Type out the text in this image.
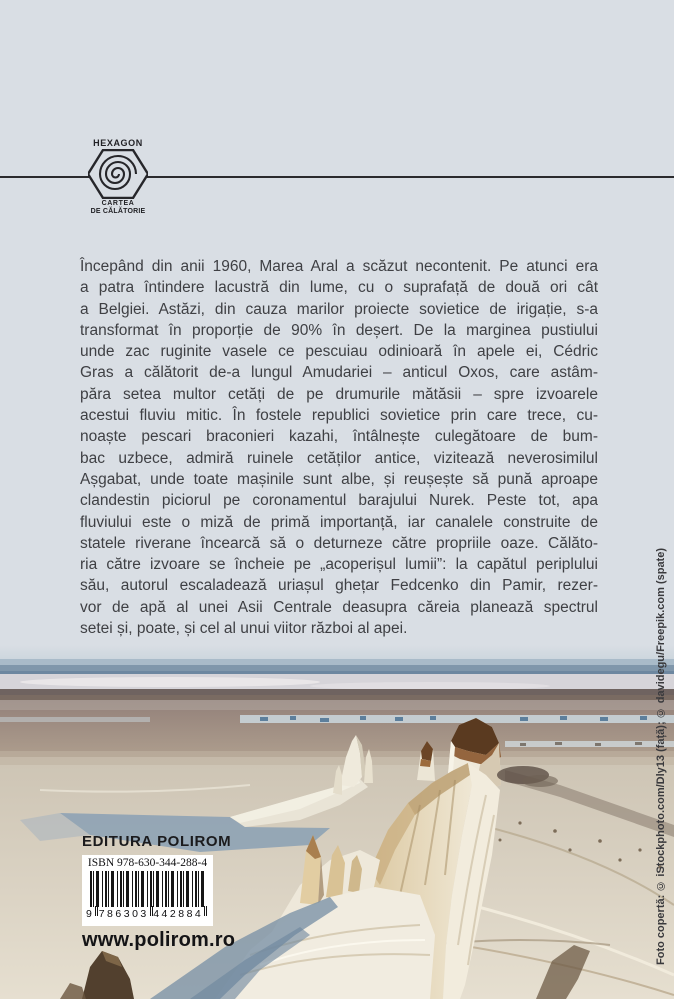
HEXAGON
CARTEA
DE CĂLĂTORIE
Începând din anii 1960, Marea Aral a scăzut necontenit. Pe atunci era
a patra întindere lacustră din lume, cu o suprafață de două ori cât
a Belgiei. Astăzi, din cauza marilor proiecte sovietice de irigație, s-a
transformat în proporție de 90% în deșert. De la marginea pustiului
unde zac ruginite vasele ce pescuiau odinioară în apele ei, Cédric
Gras a călătorit de-a lungul Amudariei – anticul Oxos, care astâm-
păra setea multor cetăți de pe drumurile mătăsii – spre izvoarele
acestui fluviu mitic. În fostele republici sovietice prin care trece, cu-
noaște pescari braconieri kazahi, întâlnește culegătoare de bum-
bac uzbece, admiră ruinele cetăților antice, vizitează neverosimilul
Așgabat, unde toate mașinile sunt albe, și reușește să pună aproape
clandestin piciorul pe coronamentul barajului Nurek. Peste tot, apa
fluviului este o miză de primă importanță, iar canalele construite de
statele riverane încearcă să o deturneze către propriile oaze. Călăto-
ria către izvoare se încheie pe „acoperișul lumii”: la capătul periplului
său, autorul escaladează uriașul ghețar Fedcenko din Pamir, rezer-
vor de apă al unei Asii Centrale deasupra căreia planează spectrul
setei și, poate, și cel al unui viitor război al apei.	Foto copertă: © iStockphoto.com/Dly13 (față); © davidegu/Freepik.com (spate)
EDITURA POLIROM
ISBN 978-630-344-288-4
9 786303 442884
www.polirom.ro
